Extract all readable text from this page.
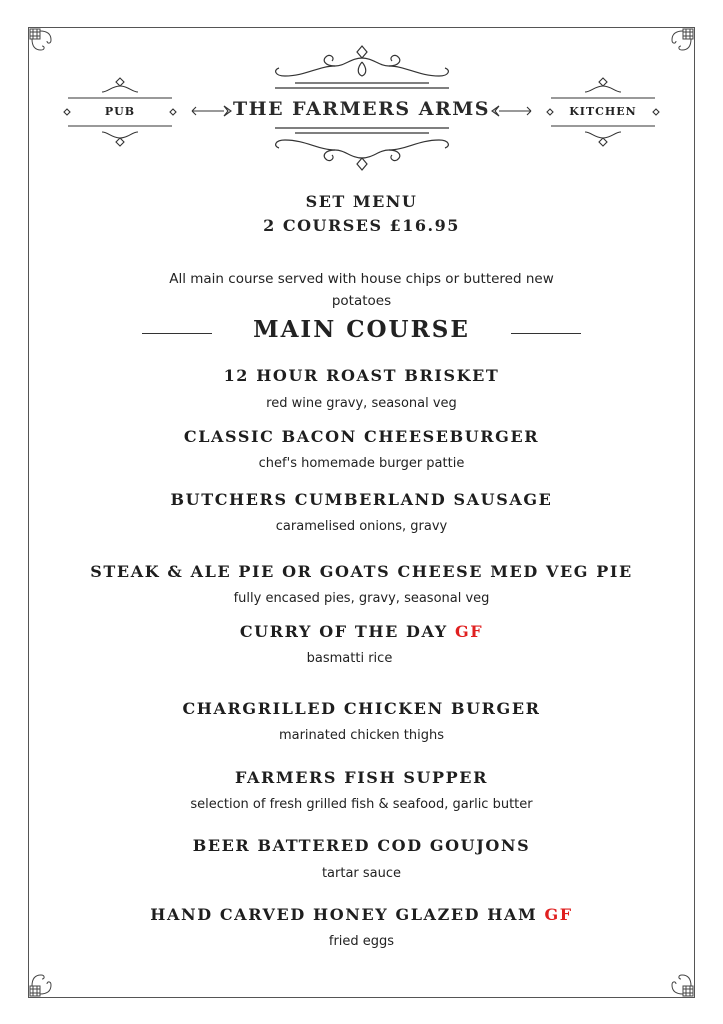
PUB	THE FARMERS ARMS	KITCHEN
SET MENU
2 COURSES £16.95
All main course served with house chips or buttered new potatoes
MAIN COURSE
12 HOUR ROAST BRISKET
red wine gravy, seasonal veg
CLASSIC BACON CHEESEBURGER
chef's homemade burger pattie
BUTCHERS CUMBERLAND SAUSAGE
caramelised onions, gravy
STEAK & ALE PIE OR GOATS CHEESE MED VEG PIE
fully encased pies, gravy, seasonal veg
CURRY OF THE DAY GF
basmatti rice
CHARGRILLED CHICKEN BURGER
marinated chicken thighs
FARMERS FISH SUPPER
selection of fresh grilled fish & seafood, garlic butter
BEER BATTERED COD GOUJONS
tartar sauce
HAND CARVED HONEY GLAZED HAM GF
fried eggs
